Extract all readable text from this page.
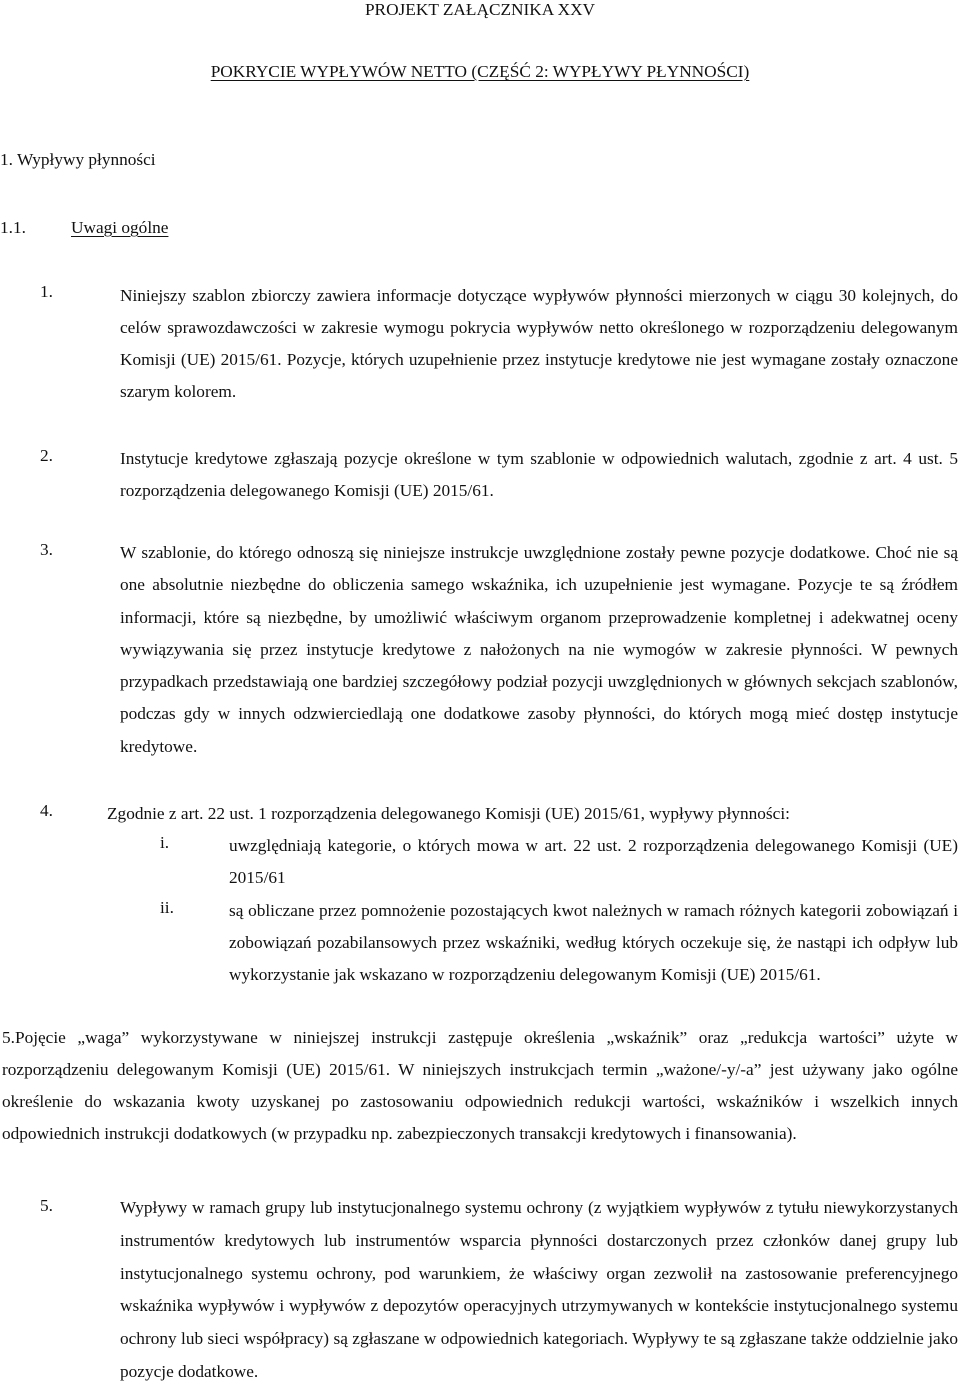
PROJEKT ZAŁĄCZNIKA XXV
POKRYCIE WYPŁYWÓW NETTO (CZĘŚĆ 2: WYPŁYWY PŁYNNOŚCI)
1. Wypływy płynności
1.1.	Uwagi ogólne
1.	Niniejszy szablon zbiorczy zawiera informacje dotyczące wypływów płynności mierzonych w ciągu 30 kolejnych, do celów sprawozdawczości w zakresie wymogu pokrycia wypływów netto określonego w rozporządzeniu delegowanym Komisji (UE) 2015/61. Pozycje, których uzupełnienie przez instytucje kredytowe nie jest wymagane zostały oznaczone szarym kolorem.
2.	Instytucje kredytowe zgłaszają pozycje określone w tym szablonie w odpowiednich walutach, zgodnie z art. 4 ust. 5 rozporządzenia delegowanego Komisji (UE) 2015/61.
3.	W szablonie, do którego odnoszą się niniejsze instrukcje uwzględnione zostały pewne pozycje dodatkowe. Choć nie są one absolutnie niezbędne do obliczenia samego wskaźnika, ich uzupełnienie jest wymagane. Pozycje te są źródłem informacji, które są niezbędne, by umożliwić właściwym organom przeprowadzenie kompletnej i adekwatnej oceny wywiązywania się przez instytucje kredytowe z nałożonych na nie wymogów w zakresie płynności. W pewnych przypadkach przedstawiają one bardziej szczegółowy podział pozycji uwzględnionych w głównych sekcjach szablonów, podczas gdy w innych odzwierciedlają one dodatkowe zasoby płynności, do których mogą mieć dostęp instytucje kredytowe.
4.	Zgodnie z art. 22 ust. 1 rozporządzenia delegowanego Komisji (UE) 2015/61, wypływy płynności:
i.	uwzględniają kategorie, o których mowa w art. 22 ust. 2 rozporządzenia delegowanego Komisji (UE) 2015/61
ii.	są obliczane przez pomnożenie pozostających kwot należnych w ramach różnych kategorii zobowiązań i zobowiązań pozabilansowych przez wskaźniki, według których oczekuje się, że nastąpi ich odpływ lub wykorzystanie jak wskazano w rozporządzeniu delegowanym Komisji (UE) 2015/61.
5.Pojęcie „waga” wykorzystywane w niniejszej instrukcji zastępuje określenia „wskaźnik” oraz „redukcja wartości” użyte w rozporządzeniu delegowanym Komisji (UE) 2015/61. W niniejszych instrukcjach termin „ważone/-y/-a” jest używany jako ogólne określenie do wskazania kwoty uzyskanej po zastosowaniu odpowiednich redukcji wartości, wskaźników i wszelkich innych odpowiednich instrukcji dodatkowych (w przypadku np. zabezpieczonych transakcji kredytowych i finansowania).
5.	Wypływy w ramach grupy lub instytucjonalnego systemu ochrony (z wyjątkiem wypływów z tytułu niewykorzystanych instrumentów kredytowych lub instrumentów wsparcia płynności dostarczonych przez członków danej grupy lub instytucjonalnego systemu ochrony, pod warunkiem, że właściwy organ zezwolił na zastosowanie preferencyjnego wskaźnika wypływów i wypływów z depozytów operacyjnych utrzymywanych w kontekście instytucjonalnego systemu ochrony lub sieci współpracy) są zgłaszane w odpowiednich kategoriach. Wypływy te są zgłaszane także oddzielnie jako pozycje dodatkowe.
